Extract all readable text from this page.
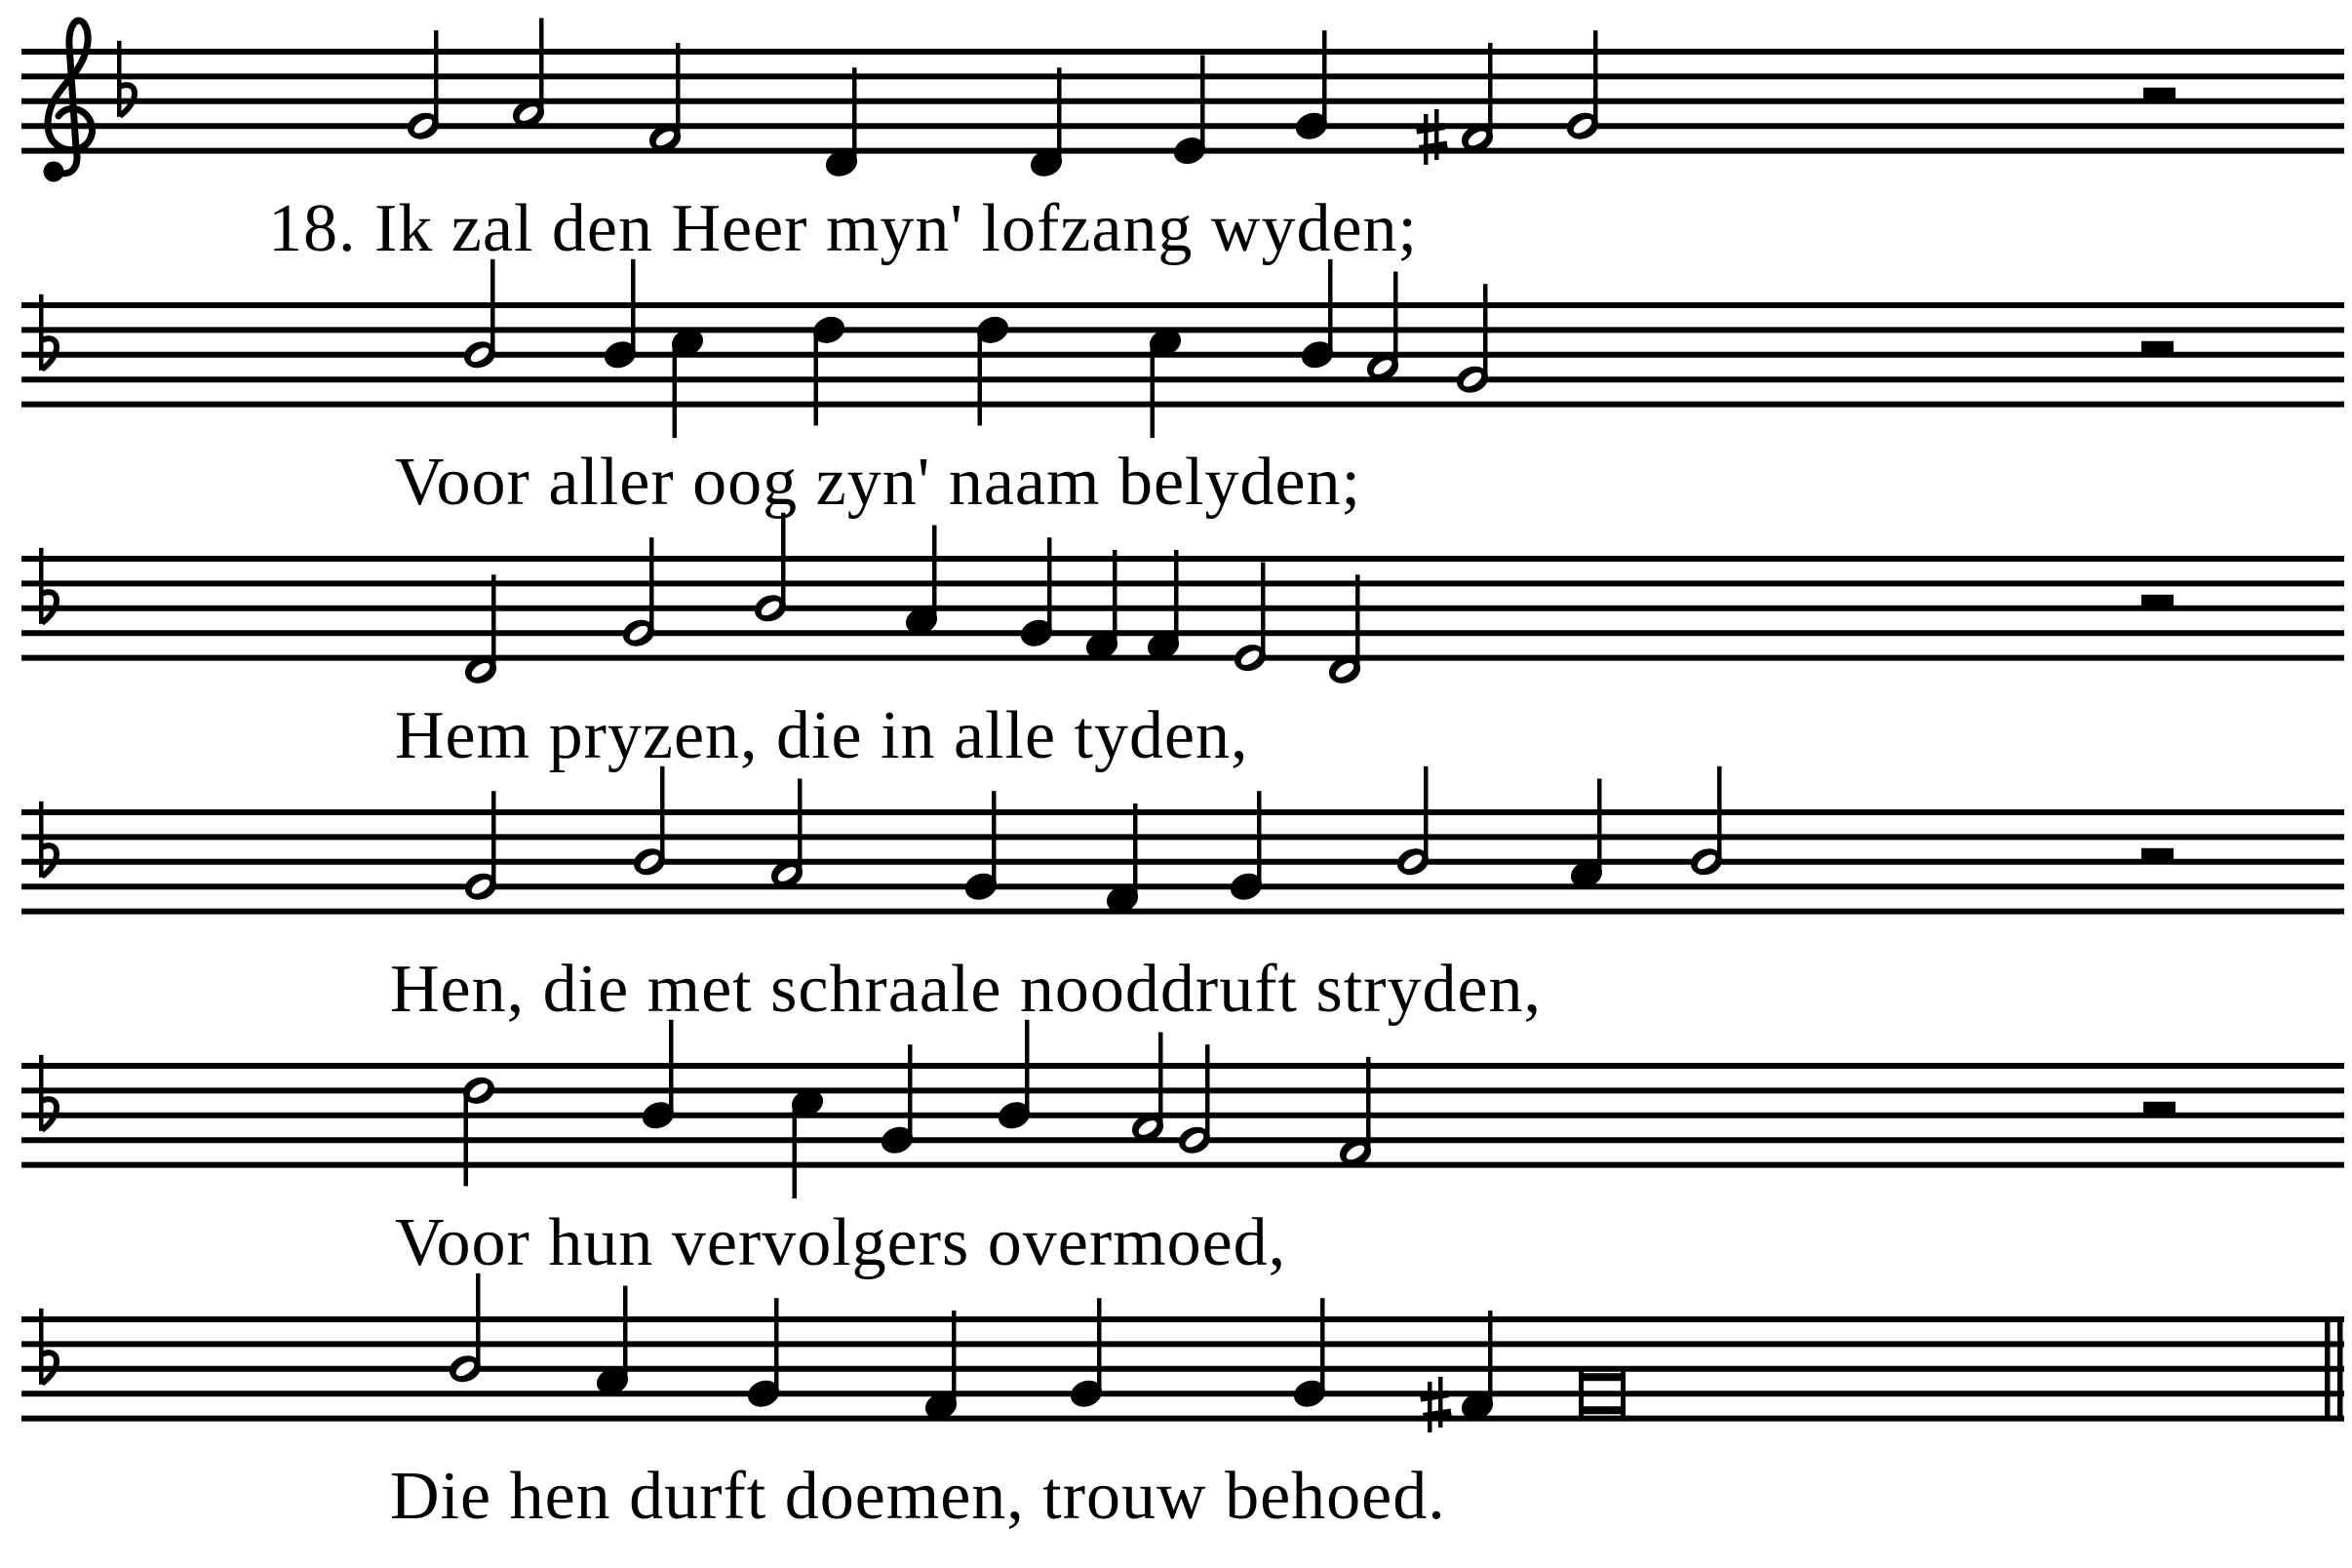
18. Ik zal den Heer myn' lofzang wyden;
Voor aller oog zyn' naam belyden;
Hem pryzen, die in alle tyden,
Hen, die met schraale nooddruft stryden,
Voor hun vervolgers overmoed,
Die hen durft doemen, trouw behoed.
